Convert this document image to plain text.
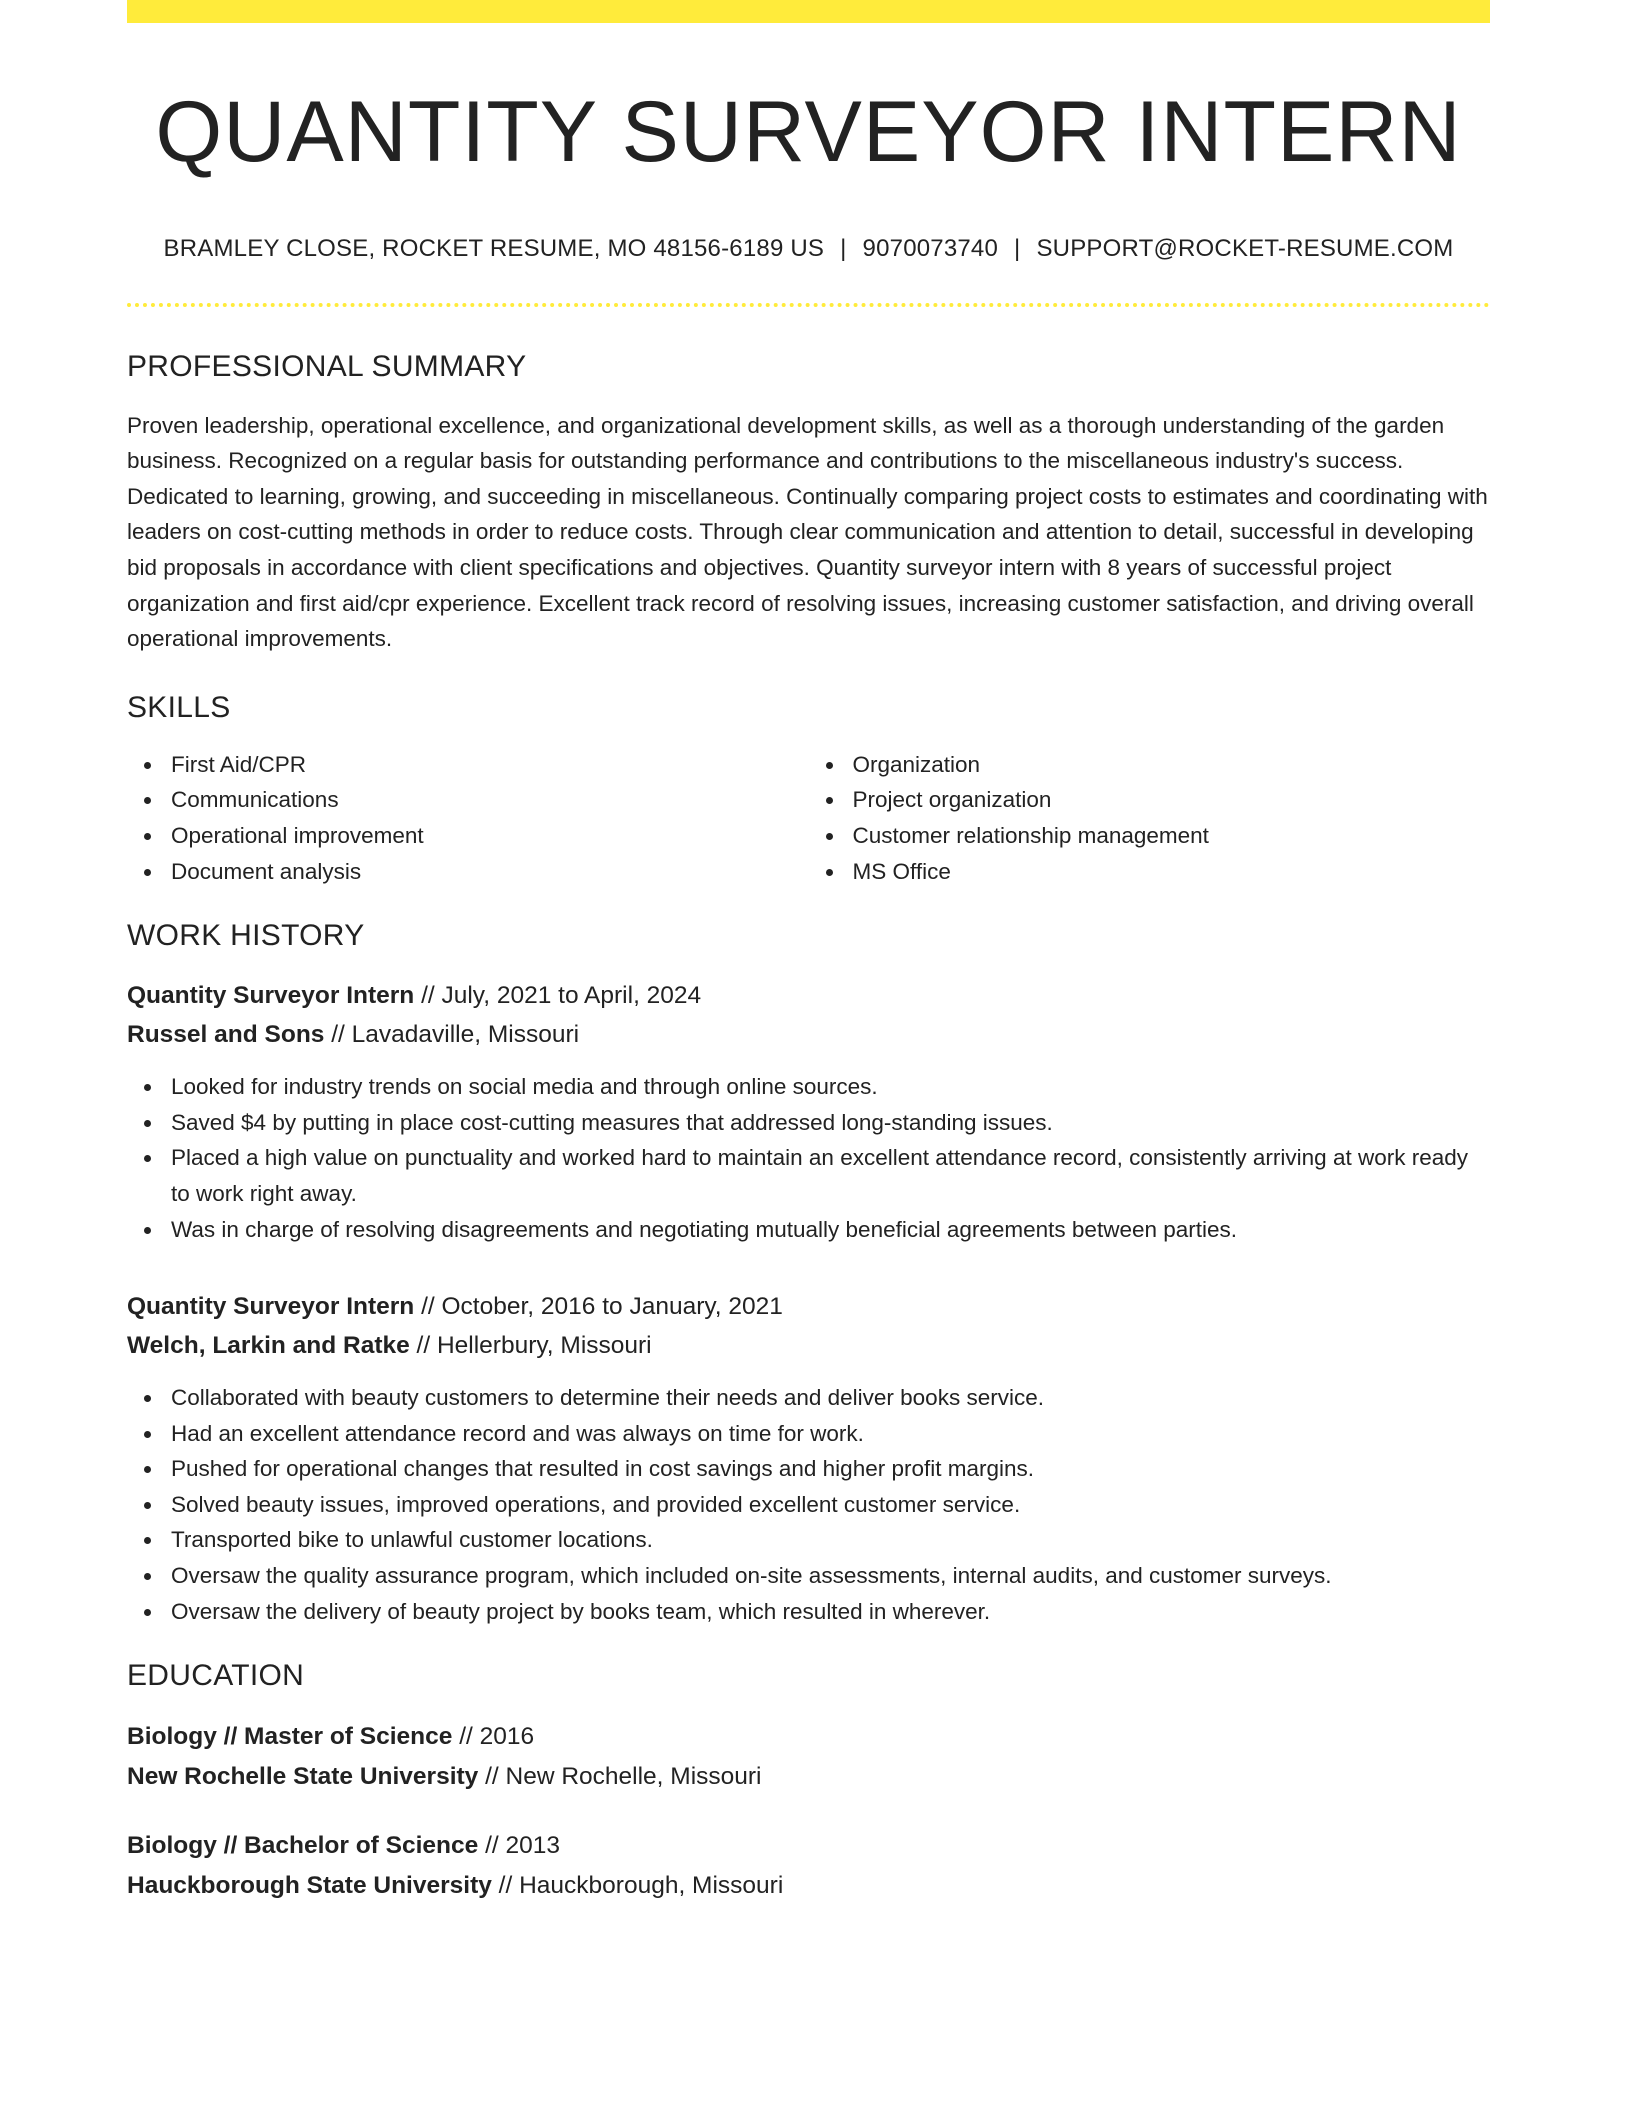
QUANTITY SURVEYOR INTERN
BRAMLEY CLOSE, ROCKET RESUME, MO 48156-6189 US | 9070073740 | SUPPORT@ROCKET-RESUME.COM
PROFESSIONAL SUMMARY

Proven leadership, operational excellence, and organizational development skills, as well as a thorough understanding of the garden business. Recognized on a regular basis for outstanding performance and contributions to the miscellaneous industry's success. Dedicated to learning, growing, and succeeding in miscellaneous. Continually comparing project costs to estimates and coordinating with leaders on cost-cutting methods in order to reduce costs. Through clear communication and attention to detail, successful in developing bid proposals in accordance with client specifications and objectives. Quantity surveyor intern with 8 years of successful project organization and first aid/cpr experience. Excellent track record of resolving issues, increasing customer satisfaction, and driving overall operational improvements.

SKILLS
First Aid/CPR
Communications
Operational improvement
Document analysis
Organization
Project organization
Customer relationship management
MS Office
WORK HISTORY
Quantity Surveyor Intern // July, 2021 to April, 2024
Russel and Sons // Lavadaville, Missouri
Looked for industry trends on social media and through online sources.
Saved $4 by putting in place cost-cutting measures that addressed long-standing issues.
Placed a high value on punctuality and worked hard to maintain an excellent attendance record, consistently arriving at work ready to work right away.
Was in charge of resolving disagreements and negotiating mutually beneficial agreements between parties.
Quantity Surveyor Intern // October, 2016 to January, 2021
Welch, Larkin and Ratke // Hellerbury, Missouri
Collaborated with beauty customers to determine their needs and deliver books service.
Had an excellent attendance record and was always on time for work.
Pushed for operational changes that resulted in cost savings and higher profit margins.
Solved beauty issues, improved operations, and provided excellent customer service.
Transported bike to unlawful customer locations.
Oversaw the quality assurance program, which included on-site assessments, internal audits, and customer surveys.
Oversaw the delivery of beauty project by books team, which resulted in wherever.
EDUCATION
Biology // Master of Science // 2016
New Rochelle State University // New Rochelle, Missouri
Biology // Bachelor of Science // 2013
Hauckborough State University // Hauckborough, Missouri
